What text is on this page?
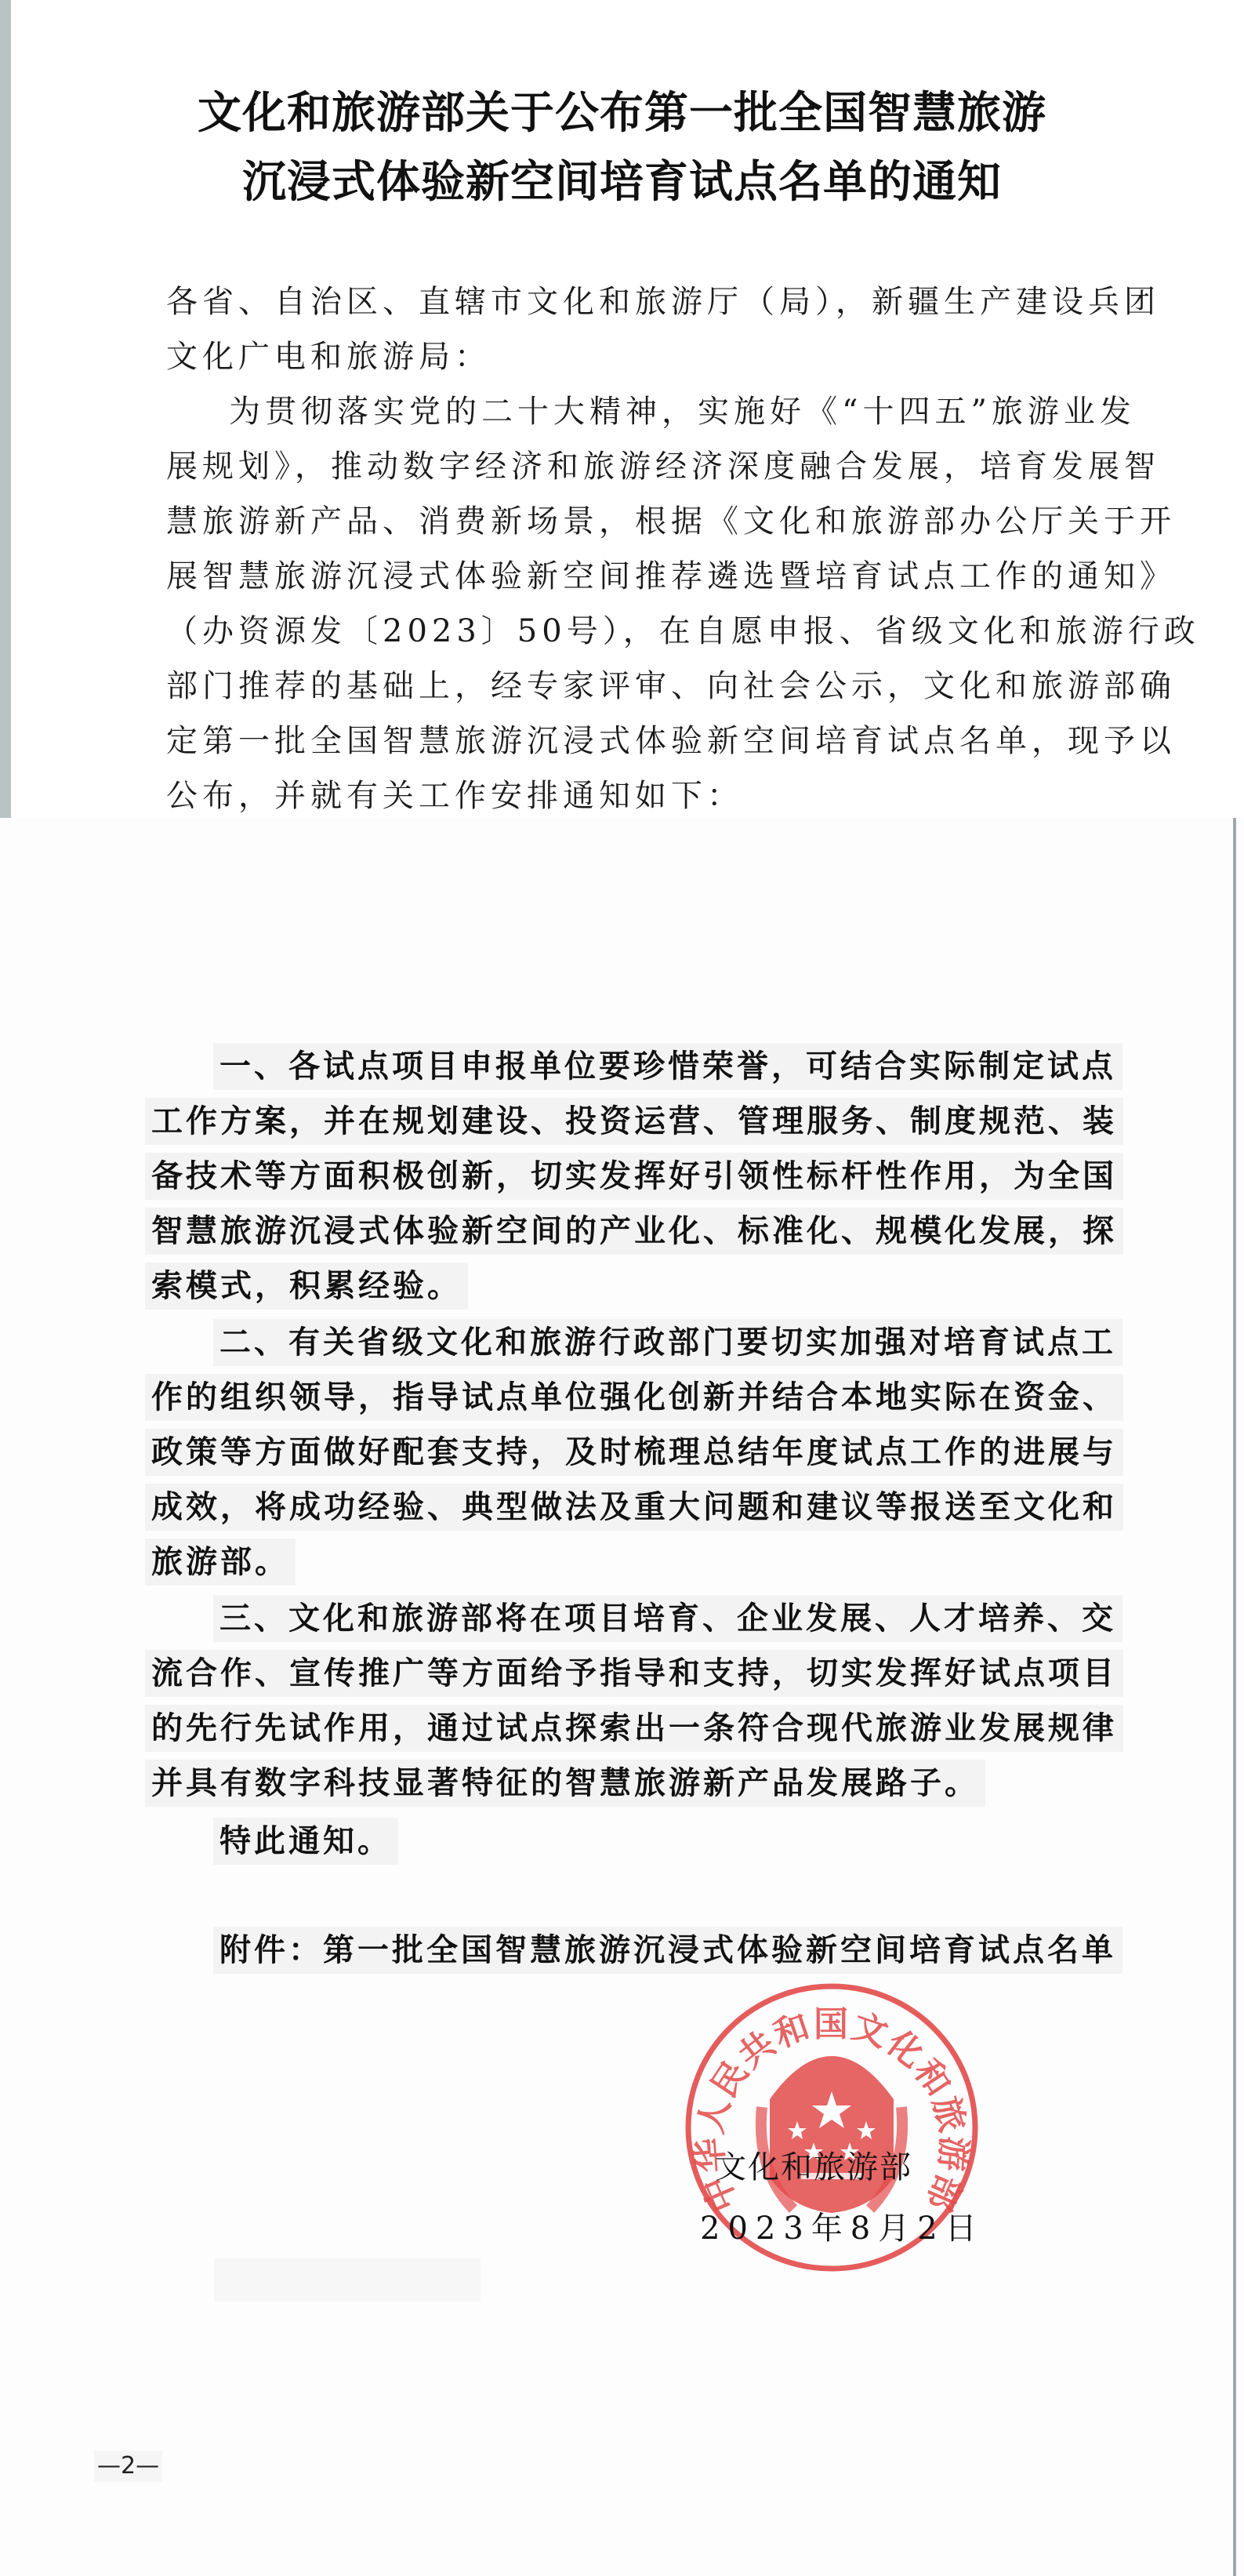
文化和旅游部关于公布第一批全国智慧旅游
沉浸式体验新空间培育试点名单的通知
各省、自治区、直辖市文化和旅游厅（局），新疆生产建设兵团
文化广电和旅游局：
为贯彻落实党的二十大精神，实施好《“十四五”旅游业发
展规划》，推动数字经济和旅游经济深度融合发展，培育发展智
慧旅游新产品、消费新场景，根据《文化和旅游部办公厅关于开
展智慧旅游沉浸式体验新空间推荐遴选暨培育试点工作的通知》
（办资源发〔2023〕50号），在自愿申报、省级文化和旅游行政
部门推荐的基础上，经专家评审、向社会公示，文化和旅游部确
定第一批全国智慧旅游沉浸式体验新空间培育试点名单，现予以
公布，并就有关工作安排通知如下：
一、各试点项目申报单位要珍惜荣誉，可结合实际制定试点
工作方案，并在规划建设、投资运营、管理服务、制度规范、装
备技术等方面积极创新，切实发挥好引领性标杆性作用，为全国
智慧旅游沉浸式体验新空间的产业化、标准化、规模化发展，探
索模式，积累经验。
二、有关省级文化和旅游行政部门要切实加强对培育试点工
作的组织领导，指导试点单位强化创新并结合本地实际在资金、
政策等方面做好配套支持，及时梳理总结年度试点工作的进展与
成效，将成功经验、典型做法及重大问题和建议等报送至文化和
旅游部。
三、文化和旅游部将在项目培育、企业发展、人才培养、交
流合作、宣传推广等方面给予指导和支持，切实发挥好试点项目
的先行先试作用，通过试点探索出一条符合现代旅游业发展规律
并具有数字科技显著特征的智慧旅游新产品发展路子。
特此通知。
附件：第一批全国智慧旅游沉浸式体验新空间培育试点名单
中华人民共和国文化和旅游部
文化和旅游部
2023年8月2日
—2—
